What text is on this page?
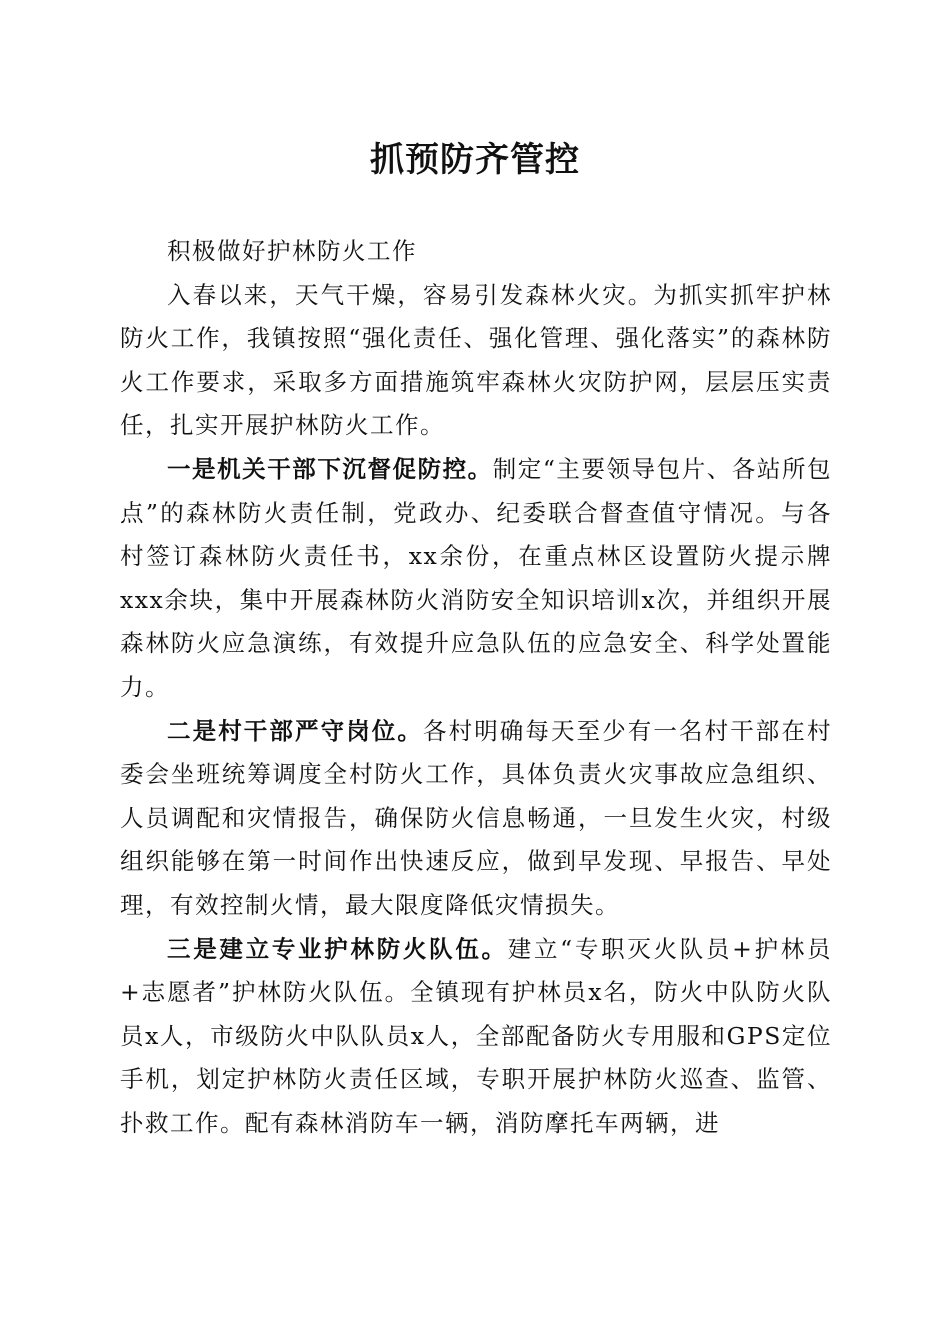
抓预防齐管控

积极做好护林防火工作

入春以来，天气干燥，容易引发森林火灾。为抓实抓牢护林防火工作，我镇按照“强化责任、强化管理、强化落实”的森林防火工作要求，采取多方面措施筑牢森林火灾防护网，层层压实责任，扎实开展护林防火工作。

一是机关干部下沉督促防控。制定“主要领导包片、各站所包点”的森林防火责任制，党政办、纪委联合督查值守情况。与各村签订森林防火责任书，xx余份，在重点林区设置防火提示牌xxx余块，集中开展森林防火消防安全知识培训x次，并组织开展森林防火应急演练，有效提升应急队伍的应急安全、科学处置能力。

二是村干部严守岗位。各村明确每天至少有一名村干部在村委会坐班统筹调度全村防火工作，具体负责火灾事故应急组织、人员调配和灾情报告，确保防火信息畅通，一旦发生火灾，村级组织能够在第一时间作出快速反应，做到早发现、早报告、早处理，有效控制火情，最大限度降低灾情损失。

三是建立专业护林防火队伍。建立“专职灭火队员+护林员+志愿者”护林防火队伍。全镇现有护林员x名，防火中队防火队员x人，市级防火中队队员x人，全部配备防火专用服和GPS定位手机，划定护林防火责任区域，专职开展护林防火巡查、监管、扑救工作。配有森林消防车一辆，消防摩托车两辆，进
